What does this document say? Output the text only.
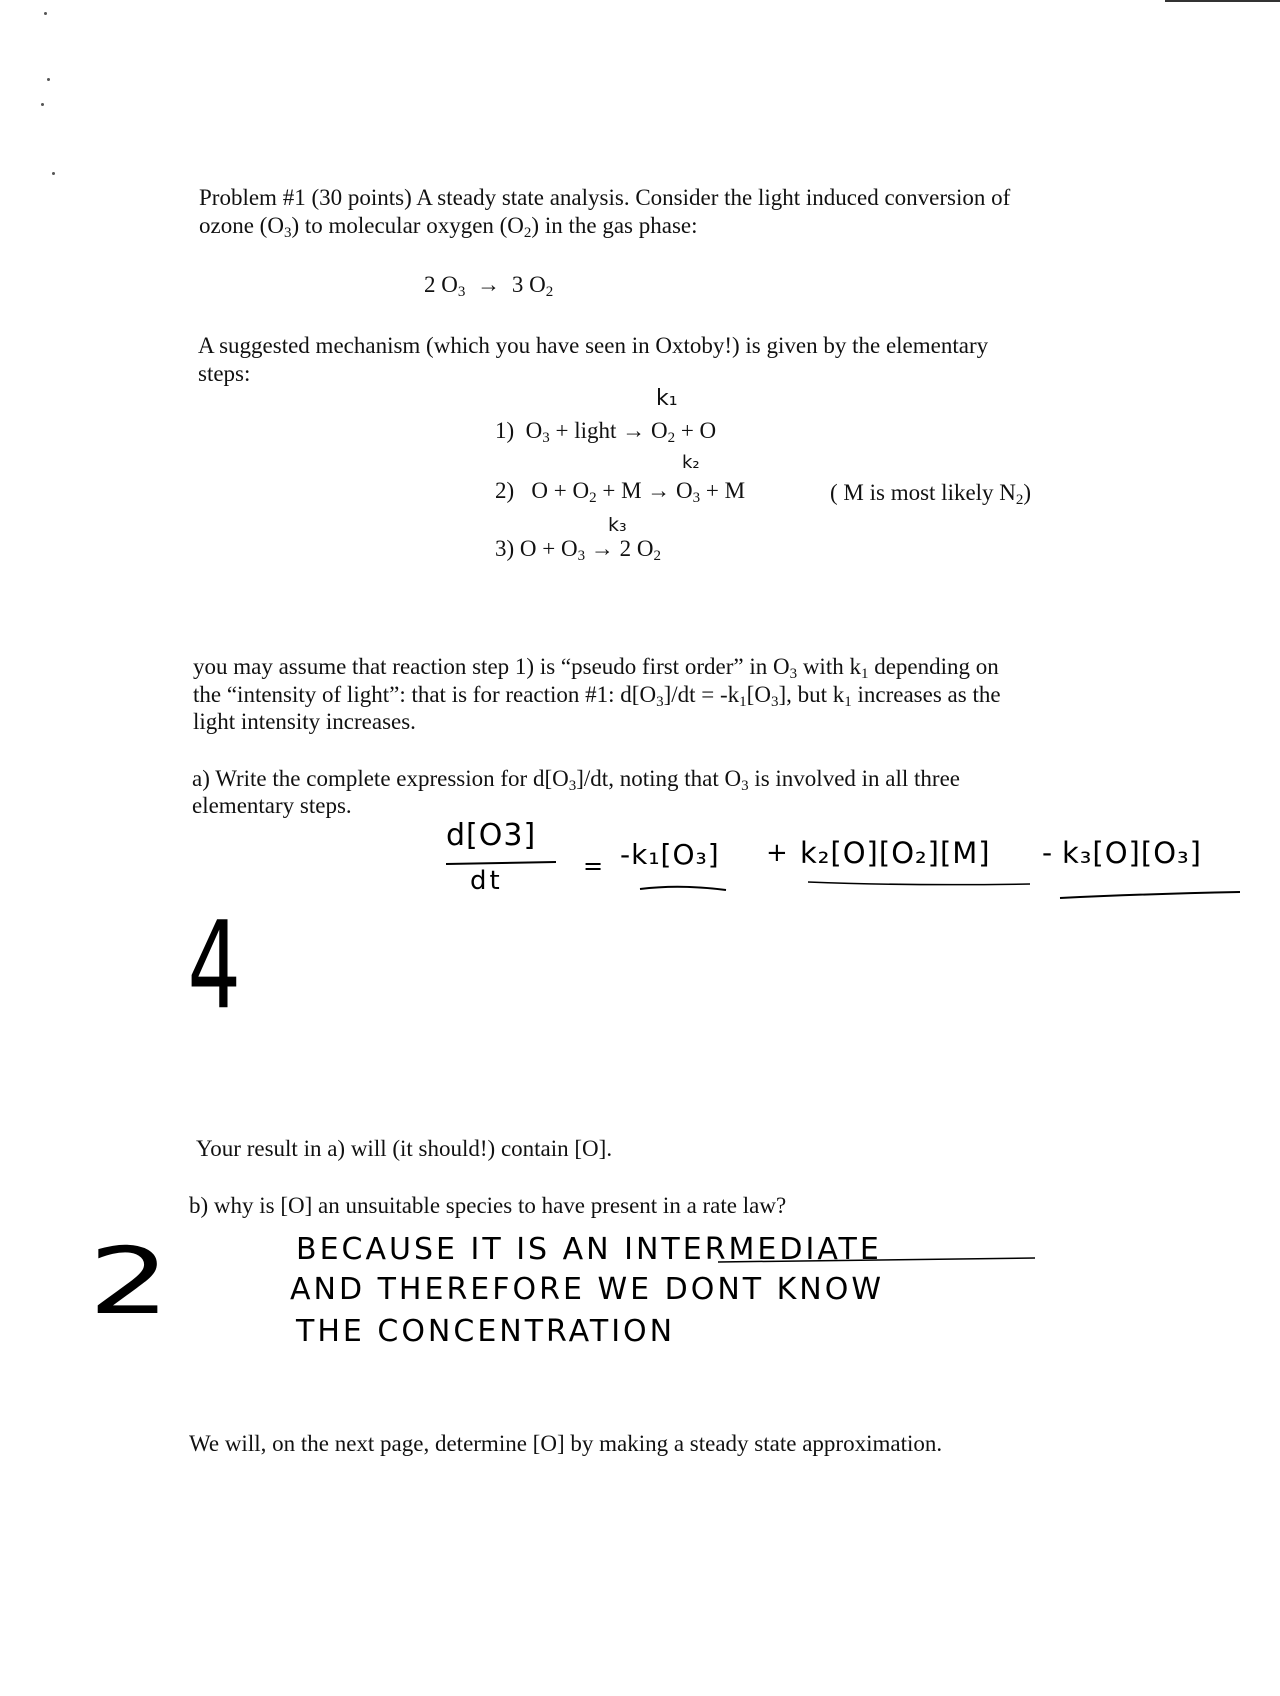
Problem #1 (30 points) A steady state analysis. Consider the light induced conversion of
ozone $(O_3)$ to molecular oxygen $(O_2)$ in the gas phase:
2 $O_3 \to 3$ $O_2$
A suggested mechanism (which you have seen in Oxtoby!) is given by the elementary
steps:
1) $O_3$ + light → $O_2 + O$
k₁
2) $O + O_2 + M \to O_3 + M$
k₂
( M is most likely $N_2$)
3) $O + O_3 \to 2$ $O_2$
k₃
you may assume that reaction step 1) is “pseudo first order” in $O_3$ with $k_1$ depending on
the “intensity of light”: that is for reaction #1: $d[O_3]/dt = -k_1[O_3]$, but $k_1$ increases as the
light intensity increases.
a) Write the complete expression for $d[O_3]/dt$, noting that $O_3$ is involved in all three
elementary steps.
d[O3]
dt	= -k₁[O₃] + k₂[O][O₂][M] - k₃[O][O₃]
4
Your result in a) will (it should!) contain [O].
b) why is [O] an unsuitable species to have present in a rate law?
BECAUSE IT IS AN INTERMEDIATE
AND THEREFORE WE DONT KNOW
THE CONCENTRATION
2
We will, on the next page, determine [O] by making a steady state approximation.
